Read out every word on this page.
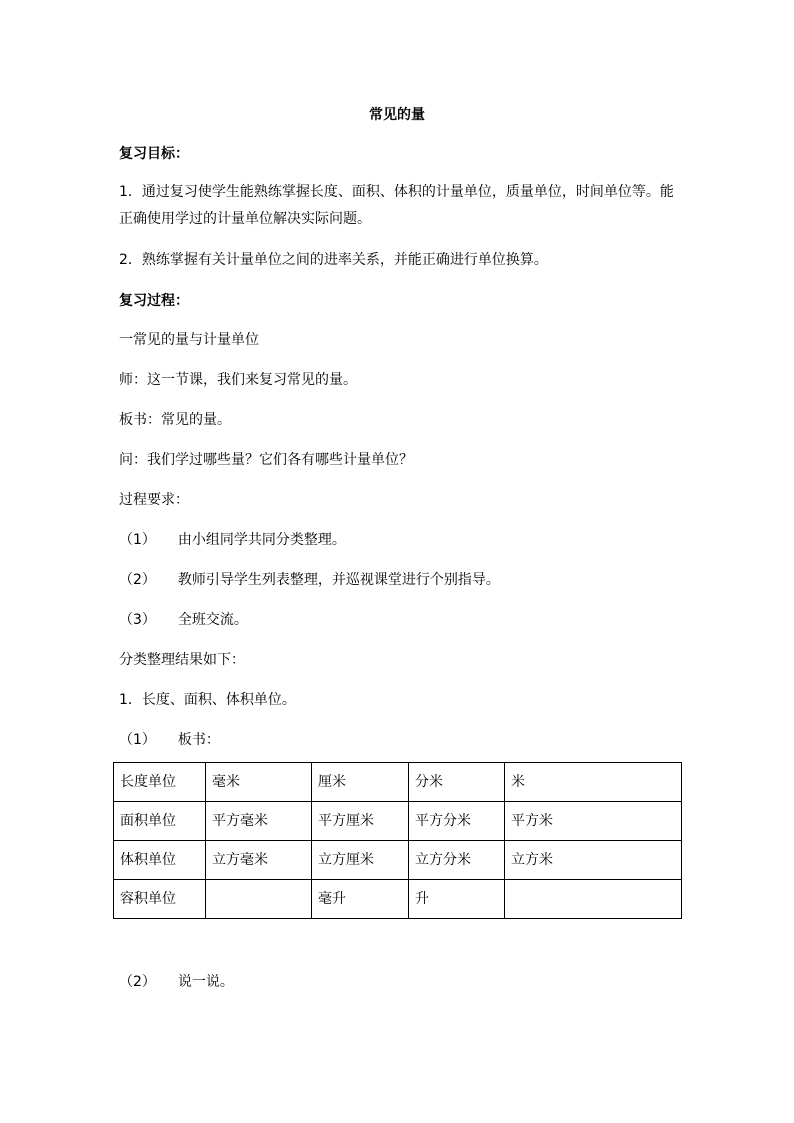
常见的量
复习目标：
1．通过复习使学生能熟练掌握长度、面积、体积的计量单位，质量单位，时间单位等。能正确使用学过的计量单位解决实际问题。
2．熟练掌握有关计量单位之间的进率关系，并能正确进行单位换算。
复习过程：
一常见的量与计量单位
师：这一节课，我们来复习常见的量。
板书：常见的量。
问：我们学过哪些量？它们各有哪些计量单位？
过程要求：
（1） 由小组同学共同分类整理。
（2） 教师引导学生列表整理，并巡视课堂进行个别指导。
（3） 全班交流。
分类整理结果如下：
1．长度、面积、体积单位。
（1） 板书：
长度单位	毫米	厘米	分米	米
面积单位	平方毫米	平方厘米	平方分米	平方米
体积单位	立方毫米	立方厘米	立方分米	立方米
容积单位		毫升	升	
（2） 说一说。
